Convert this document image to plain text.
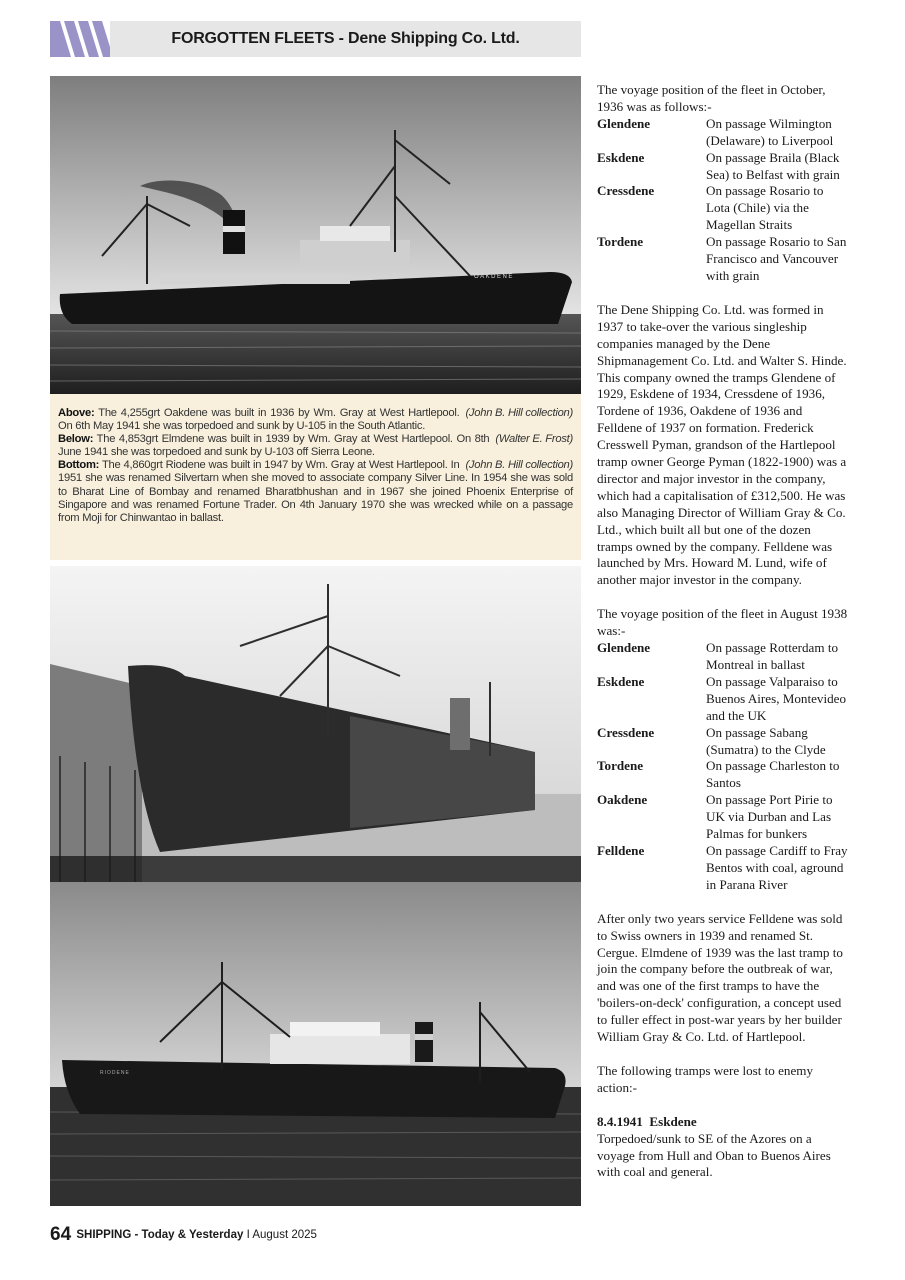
FORGOTTEN FLEETS - Dene Shipping Co. Ltd.
OAKDENE

(John B. Hill collection)
Above: The 4,255grt Oakdene was built in 1936 by Wm. Gray at West Hartlepool. On 6th May 1941 she was torpedoed and sunk by U-105 in the South Atlantic.

(Walter E. Frost)
Below: The 4,853grt Elmdene was built in 1939 by Wm. Gray at West Hartlepool. On 8th June 1941 she was torpedoed and sunk by U-103 off Sierra Leone.

(John B. Hill collection)
Bottom: The 4,860grt Riodene was built in 1947 by Wm. Gray at West Hartlepool. In 1951 she was renamed Silvertarn when she moved to associate company Silver Line. In 1954 she was sold to Bharat Line of Bombay and renamed Bharatbhushan and in 1967 she joined Phoenix Enterprise of Singapore and was renamed Fortune Trader. On 4th January 1970 she was wrecked while on a passage from Moji for Chinwantao in ballast.

RIODENE

The voyage position of the fleet in October, 1936 was as follows:-

Glendene	On passage Wilmington (Delaware) to Liverpool
Eskdene	On passage Braila (Black Sea) to Belfast with grain
Cressdene	On passage Rosario to Lota (Chile) via the Magellan Straits
Tordene	On passage Rosario to San Francisco and Vancouver with grain

The Dene Shipping Co. Ltd. was formed in 1937 to take-over the various singleship companies managed by the Dene Shipmanagement Co. Ltd. and Walter S. Hinde. This company owned the tramps Glendene of 1929, Eskdene of 1934, Cressdene of 1936, Tordene of 1936, Oakdene of 1936 and Felldene of 1937 on formation. Frederick Cresswell Pyman, grandson of the Hartlepool tramp owner George Pyman (1822-1900) was a director and major investor in the company, which had a capitalisation of £312,500. He was also Managing Director of William Gray & Co. Ltd., which built all but one of the dozen tramps owned by the company. Felldene was launched by Mrs. Howard M. Lund, wife of another major investor in the company.

The voyage position of the fleet in August 1938 was:-

Glendene	On passage Rotterdam to Montreal in ballast
Eskdene	On passage Valparaiso to Buenos Aires, Montevideo and the UK
Cressdene	On passage Sabang (Sumatra) to the Clyde
Tordene	On passage Charleston to Santos
Oakdene	On passage Port Pirie to UK via Durban and Las Palmas for bunkers
Felldene	On passage Cardiff to Fray Bentos with coal, aground in Parana River

After only two years service Felldene was sold to Swiss owners in 1939 and renamed St. Cergue. Elmdene of 1939 was the last tramp to join the company before the outbreak of war, and was one of the first tramps to have the 'boilers-on-deck' configuration, a concept used to fuller effect in post-war years by her builder William Gray & Co. Ltd. of Hartlepool.

The following tramps were lost to enemy action:-

8.4.1941  Eskdene

Torpedoed/sunk to SE of the Azores on a voyage from Hull and Oban to Buenos Aires with coal and general.

64 SHIPPING - Today & Yesterday I August 2025
